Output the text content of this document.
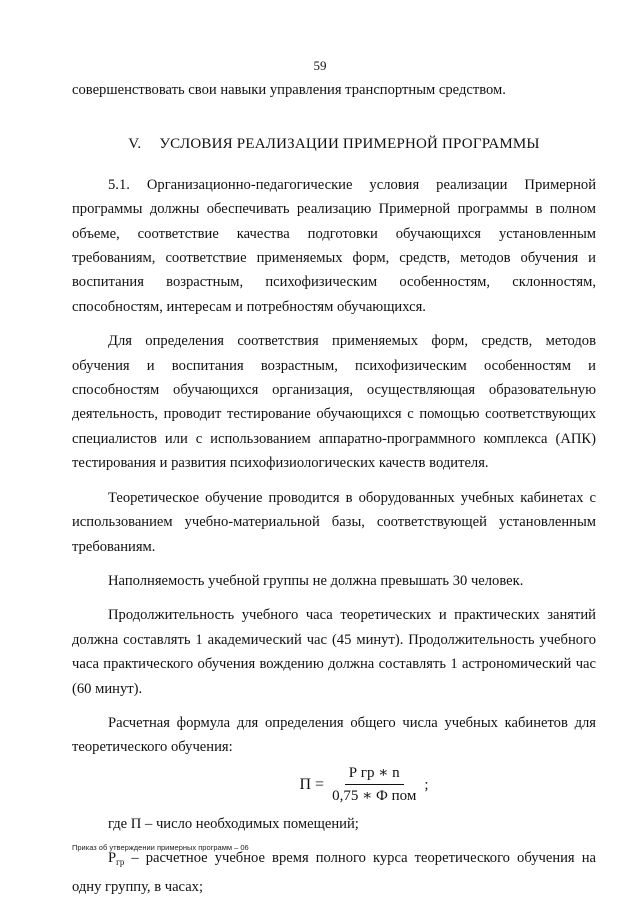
59

совершенствовать свои навыки управления транспортным средством.

V. УСЛОВИЯ РЕАЛИЗАЦИИ ПРИМЕРНОЙ ПРОГРАММЫ

5.1. Организационно-педагогические условия реализации Примерной программы должны обеспечивать реализацию Примерной программы в полном объеме, соответствие качества подготовки обучающихся установленным требованиям, соответствие применяемых форм, средств, методов обучения и воспитания возрастным, психофизическим особенностям, склонностям, способностям, интересам и потребностям обучающихся.

Для определения соответствия применяемых форм, средств, методов обучения и воспитания возрастным, психофизическим особенностям и способностям обучающихся организация, осуществляющая образовательную деятельность, проводит тестирование обучающихся с помощью соответствующих специалистов или с использованием аппаратно-программного комплекса (АПК) тестирования и развития психофизиологических качеств водителя.

Теоретическое обучение проводится в оборудованных учебных кабинетах с использованием учебно-материальной базы, соответствующей установленным требованиям.

Наполняемость учебной группы не должна превышать 30 человек.

Продолжительность учебного часа теоретических и практических занятий должна составлять 1 академический час (45 минут). Продолжительность учебного часа практического обучения вождению должна составлять 1 астрономический час (60 минут).

Расчетная формула для определения общего числа учебных кабинетов для теоретического обучения:

$П = \frac{\text{Р гр ∗ n}}{\text{0,75 ∗ Ф пом}}$ ;

где П – число необходимых помещений;

$Р_{гр}$ – расчетное учебное время полного курса теоретического обучения на одну группу, в часах;

Приказ об утверждении примерных программ – 06
